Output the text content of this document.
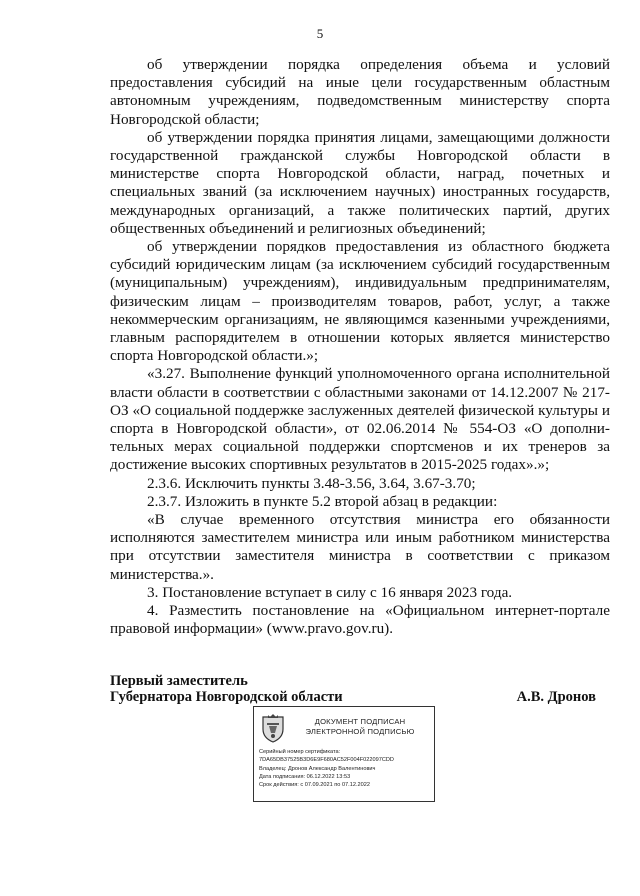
5

об утверждении порядка определения объема и условий предоставления субсидий на иные цели государственным областным автономным учреждениям, подведомственным министерству спорта Новгородской области;

об утверждении порядка принятия лицами, замещающими должности государственной гражданской службы Новгородской области в министерстве спорта Новгородской области, наград, почетных и специальных званий (за исключением научных) иностранных государств, международных организаций, а также политических партий, других общественных объединений и религиозных объединений;

об утверждении порядков предоставления из областного бюджета субсидий юридическим лицам (за исключением субсидий государственным (муниципальным) учреждениям), индивидуальным предпринимателям, физическим лицам – производителям товаров, работ, услуг, а также некоммерческим организациям, не являющимся казенными учреждениями, главным распорядителем в отношении которых является министерство спорта Новгородской области.»;

«3.27. Выполнение функций уполномоченного органа исполнительной власти области в соответствии с областными законами от 14.12.2007 № 217-ОЗ «О социальной поддержке заслуженных деятелей физической культуры и спорта в Новгородской области», от 02.06.2014 № 554-ОЗ «О дополни-тельных мерах социальной поддержки спортсменов и их тренеров за достижение высоких спортивных результатов в 2015-2025 годах».»;

2.3.6. Исключить пункты 3.48-3.56, 3.64, 3.67-3.70;

2.3.7. Изложить в пункте 5.2 второй абзац в редакции:

«В случае временного отсутствия министра его обязанности исполняются заместителем министра или иным работником министерства при отсутствии заместителя министра в соответствии с приказом министерства.».

3. Постановление вступает в силу с 16 января 2023 года.

4. Разместить постановление на «Официальном интернет-портале правовой информации» (www.pravo.gov.ru).

Первый заместитель
Губернатора Новгородской области	А.В. Дронов
ДОКУМЕНТ ПОДПИСАН
ЭЛЕКТРОННОЙ ПОДПИСЬЮ
Серийный номер сертификата:
7DA65DB37525B3D6E9F680AC52F004F022097CDD
Владелец: Дронов Александр Валентинович
Дата подписания: 06.12.2022 13:53
Срок действия: с 07.09.2021 по 07.12.2022
